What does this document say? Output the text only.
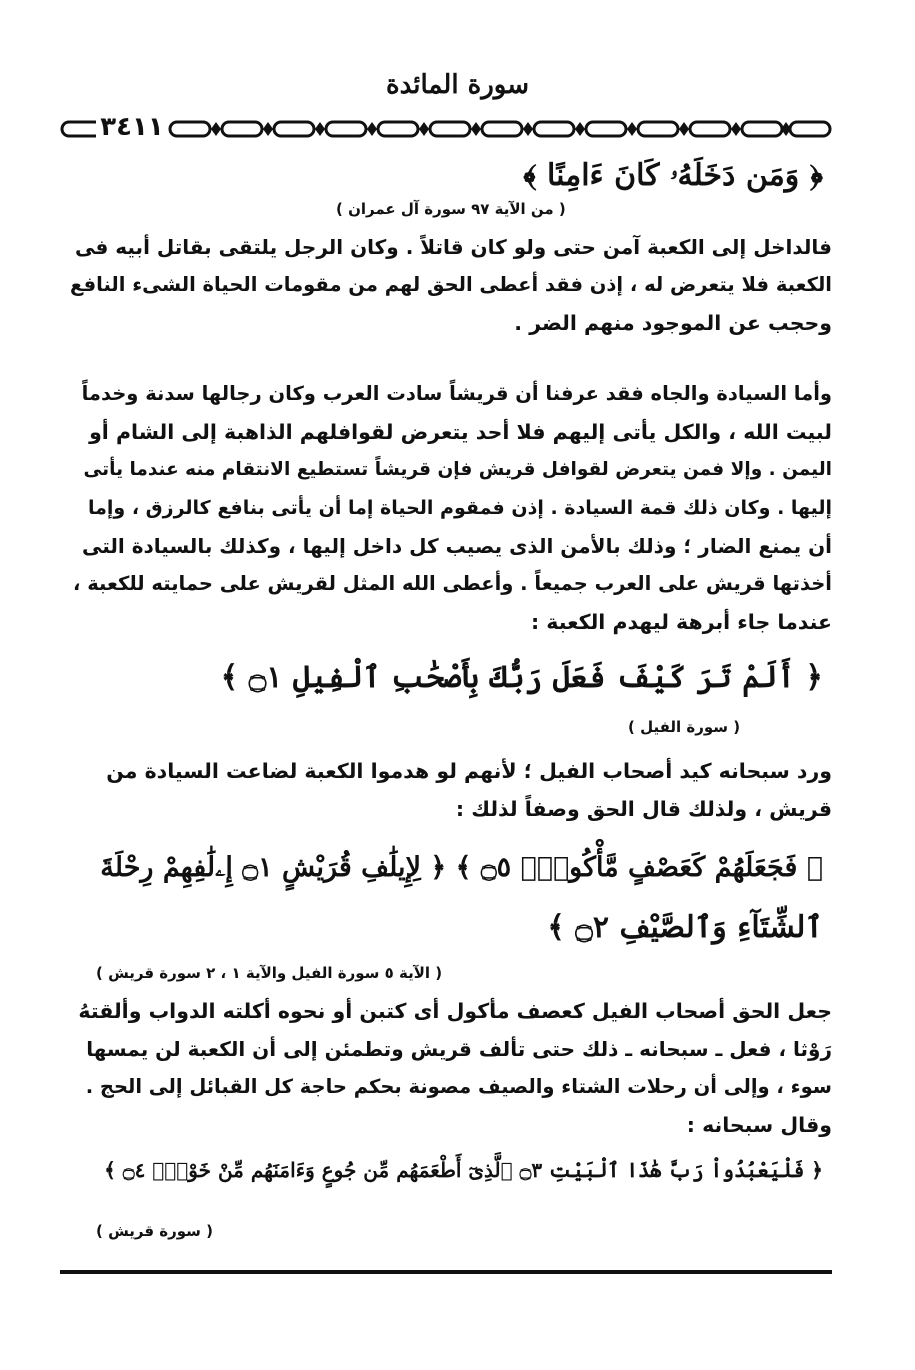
سورة المائدة
٣٤١١
﴿ وَمَن دَخَلَهُۥ كَانَ ءَامِنًا ﴾
( من الآية ٩٧ سورة آل عمران )
فالداخل إلى الكعبة آمن حتى ولو كان قاتلاً . وكان الرجل يلتقى بقاتل أبيه فى
الكعبة فلا يتعرض له ، إذن فقد أعطى الحق لهم من مقومات الحياة الشىء النافع
وحجب عن الموجود منهم الضر .
وأما السيادة والجاه فقد عرفنا أن قريشاً سادت العرب وكان رجالها سدنة وخدماً
لبيت الله ، والكل يأتى إليهم فلا أحد يتعرض لقوافلهم الذاهبة إلى الشام أو
اليمن . وإلا فمن يتعرض لقوافل قريش فإن قريشاً تستطيع الانتقام منه عندما يأتى
إليها . وكان ذلك قمة السيادة . إذن فمقوم الحياة إما أن يأتى بنافع كالرزق ، وإما
أن يمنع الضار ؛ وذلك بالأمن الذى يصيب كل داخل إليها ، وكذلك بالسيادة التى
أخذتها قريش على العرب جميعاً . وأعطى الله المثل لقريش على حمايته للكعبة ،
عندما جاء أبرهة ليهدم الكعبة :
﴿ أَلَمْ تَرَ كَيْفَ فَعَلَ رَبُّكَ بِأَصْحَٰبِ ٱلْفِيلِ ۝١ ﴾
( سورة الفيل )
ورد سبحانه كيد أصحاب الفيل ؛ لأنهم لو هدموا الكعبة لضاعت السيادة من
قريش ، ولذلك قال الحق وصفاً لذلك :
﴿ فَجَعَلَهُمْ كَعَصْفٍ مَّأْكُولٍۭ ۝٥ ﴾ ﴿ لِإِيلَٰفِ قُرَيْشٍ ۝١ إِۦلَٰفِهِمْ رِحْلَةَ
ٱلشِّتَآءِ وَٱلصَّيْفِ ۝٢ ﴾
( الآية ٥ سورة الفيل والآية ١ ، ٢ سورة قريش )
جعل الحق أصحاب الفيل كعصف مأكول أى كتبن أو نحوه أكلته الدواب وألقتهُ
رَوْثا ، فعل ـ سبحانه ـ ذلك حتى تألف قريش وتطمئن إلى أن الكعبة لن يمسها
سوء ، وإلى أن رحلات الشتاء والصيف مصونة بحكم حاجة كل القبائل إلى الحج .
وقال سبحانه :
﴿ فَلْيَعْبُدُواْ رَبَّ هَٰذَا ٱلْبَيْتِ ۝٣ ٱلَّذِىٓ أَطْعَمَهُم مِّن جُوعٍ وَءَامَنَهُم مِّنْ خَوْفٍۭ ۝٤ ﴾
( سورة قريش )
